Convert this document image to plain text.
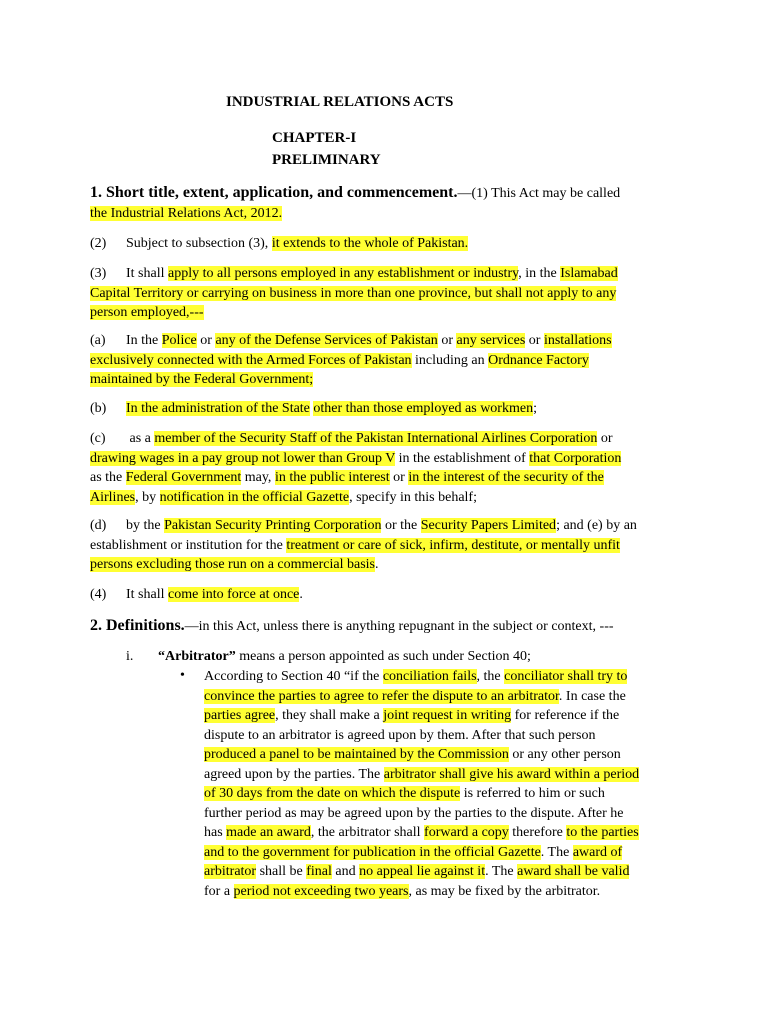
INDUSTRIAL RELATIONS ACTS
CHAPTER-I
PRELIMINARY
1. Short title, extent, application, and commencement.—(1) This Act may be called
the Industrial Relations Act, 2012.
(2) Subject to subsection (3), it extends to the whole of Pakistan.
(3) It shall apply to all persons employed in any establishment or industry, in the Islamabad
Capital Territory or carrying on business in more than one province, but shall not apply to any
person employed,---
(a) In the Police or any of the Defense Services of Pakistan or any services or installations
exclusively connected with the Armed Forces of Pakistan including an Ordnance Factory
maintained by the Federal Government;
(b) In the administration of the State other than those employed as workmen;
(c) as a member of the Security Staff of the Pakistan International Airlines Corporation or
drawing wages in a pay group not lower than Group V in the establishment of that Corporation
as the Federal Government may, in the public interest or in the interest of the security of the
Airlines, by notification in the official Gazette, specify in this behalf;
(d) by the Pakistan Security Printing Corporation or the Security Papers Limited; and (e) by an
establishment or institution for the treatment or care of sick, infirm, destitute, or mentally unfit
persons excluding those run on a commercial basis.
(4) It shall come into force at once.
2. Definitions.—in this Act, unless there is anything repugnant in the subject or context, ---
i. “Arbitrator” means a person appointed as such under Section 40;
• According to Section 40 “if the conciliation fails, the conciliator shall try to
convince the parties to agree to refer the dispute to an arbitrator. In case the
parties agree, they shall make a joint request in writing for reference if the
dispute to an arbitrator is agreed upon by them. After that such person
produced a panel to be maintained by the Commission or any other person
agreed upon by the parties. The arbitrator shall give his award within a period
of 30 days from the date on which the dispute is referred to him or such
further period as may be agreed upon by the parties to the dispute. After he
has made an award, the arbitrator shall forward a copy therefore to the parties
and to the government for publication in the official Gazette. The award of
arbitrator shall be final and no appeal lie against it. The award shall be valid
for a period not exceeding two years, as may be fixed by the arbitrator.
